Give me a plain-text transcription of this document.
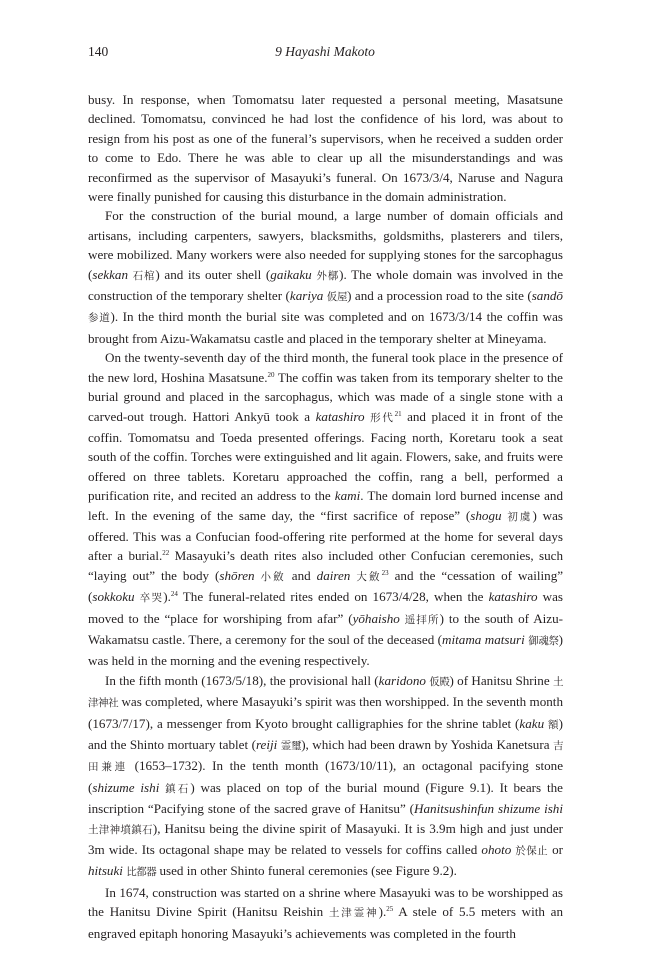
9 Hayashi Makoto
140

busy. In response, when Tomomatsu later requested a personal meeting, Masatsune declined. Tomomatsu, convinced he had lost the confidence of his lord, was about to resign from his post as one of the funeral’s supervisors, when he received a sudden order to come to Edo. There he was able to clear up all the misunderstandings and was reconfirmed as the supervisor of Masayuki’s funeral. On 1673/3/4, Naruse and Nagura were finally punished for causing this disturbance in the domain administration.

For the construction of the burial mound, a large number of domain officials and artisans, including carpenters, sawyers, blacksmiths, goldsmiths, plasterers and tilers, were mobilized. Many workers were also needed for supplying stones for the sarcophagus (sekkan 石棺) and its outer shell (gaikaku 外槨). The whole domain was involved in the construction of the temporary shelter (kariya 仮屋) and a procession road to the site (sandō 参道). In the third month the burial site was completed and on 1673/3/14 the coffin was brought from Aizu-Wakamatsu castle and placed in the temporary shelter at Mineyama.

On the twenty-seventh day of the third month, the funeral took place in the presence of the new lord, Hoshina Masatsune.$^{20}$ The coffin was taken from its temporary shelter to the burial ground and placed in the sarcophagus, which was made of a single stone with a carved-out trough. Hattori Ankyū took a katashiro 形代$^{21}$ and placed it in front of the coffin. Tomomatsu and Toeda presented offerings. Facing north, Koretaru took a seat south of the coffin. Torches were extinguished and lit again. Flowers, sake, and fruits were offered on three tablets. Koretaru approached the coffin, rang a bell, performed a purification rite, and recited an address to the kami. The domain lord burned incense and left. In the evening of the same day, the “first sacrifice of repose” (shogu 初虞) was offered. This was a Confucian food-offering rite performed at the home for several days after a burial.$^{22}$ Masayuki’s death rites also included other Confucian ceremonies, such “laying out” the body (shōren 小斂 and dairen 大斂$^{23}$ and the “cessation of wailing” (sokkoku 卒哭).$^{24}$ The funeral-related rites ended on 1673/4/28, when the katashiro was moved to the “place for worshiping from afar” (yōhaisho 遥拝所) to the south of Aizu-Wakamatsu castle. There, a ceremony for the soul of the deceased (mitama matsuri 御魂祭) was held in the morning and the evening respectively.

In the fifth month (1673/5/18), the provisional hall (karidono 仮殿) of Hanitsu Shrine 土津神社 was completed, where Masayuki’s spirit was then worshipped. In the seventh month (1673/7/17), a messenger from Kyoto brought calligraphies for the shrine tablet (kaku 額) and the Shinto mortuary tablet (reiji 霊璽), which had been drawn by Yoshida Kanetsura 吉田兼連 (1653–1732). In the tenth month (1673/10/11), an octagonal pacifying stone (shizume ishi 鎮石) was placed on top of the burial mound (Figure 9.1). It bears the inscription “Pacifying stone of the sacred grave of Hanitsu” (Hanitsushinfun shizume ishi 土津神墳鎮石), Hanitsu being the divine spirit of Masayuki. It is 3.9m high and just under 3m wide. Its octagonal shape may be related to vessels for coffins called ohoto 於保止 or hitsuki 比都器 used in other Shinto funeral ceremonies (see Figure 9.2).

In 1674, construction was started on a shrine where Masayuki was to be worshipped as the Hanitsu Divine Spirit (Hanitsu Reishin 土津霊神).$^{25}$ A stele of 5.5 meters with an engraved epitaph honoring Masayuki’s achievements was completed in the fourth
